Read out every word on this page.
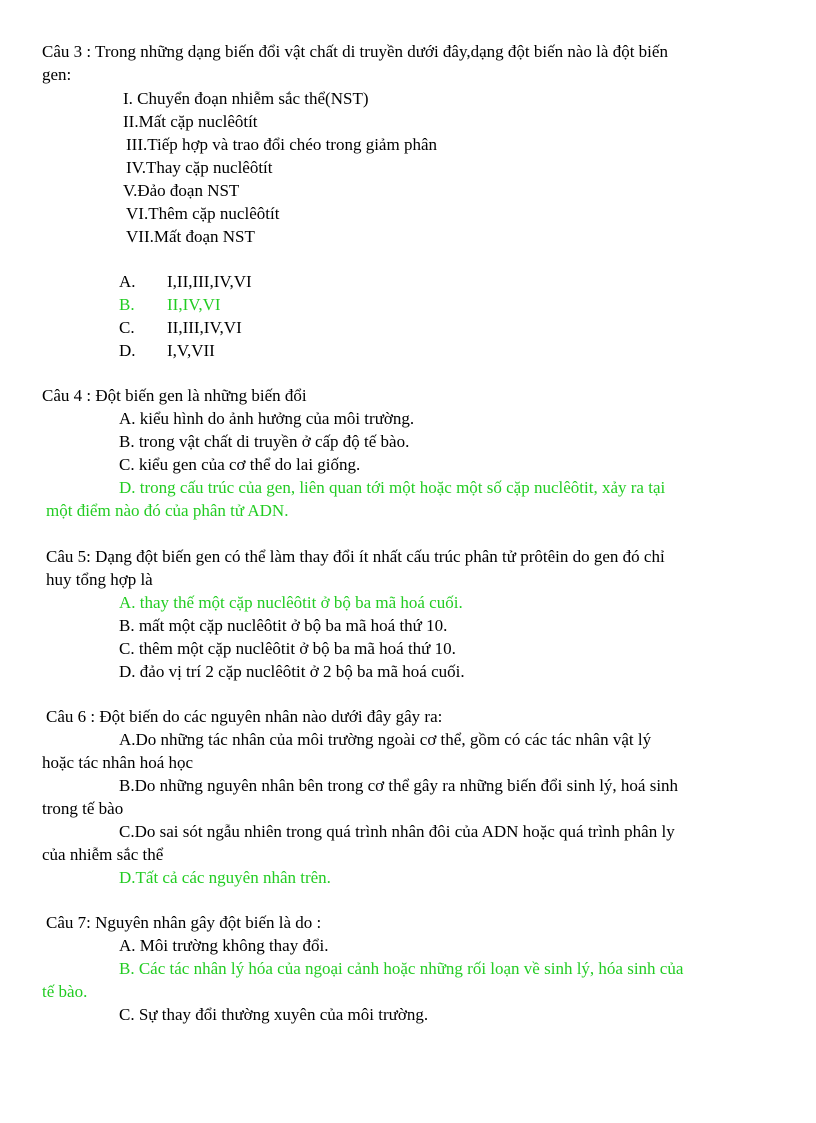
Câu 3 : Trong những dạng biến đổi vật chất di truyền dưới đây,dạng đột biến nào là đột biến
gen:
I. Chuyển đoạn nhiễm sắc thể(NST)
II.Mất cặp nuclêôtít
III.Tiếp hợp và trao đổi chéo trong giảm phân
IV.Thay cặp nuclêôtít
V.Đảo đoạn NST
VI.Thêm cặp nuclêôtít
VII.Mất đoạn NST
A. I,II,III,IV,VI
B. II,IV,VI
C. II,III,IV,VI
D. I,V,VII
Câu 4 : Đột biến gen là những biến đổi
A. kiểu hình do ảnh hưởng của môi trường.
B. trong vật chất di truyền ở cấp độ tế bào.
C. kiểu gen của cơ thể do lai giống.
D. trong cấu trúc của gen, liên quan tới một hoặc một số cặp nuclêôtit, xảy ra tại
một điểm nào đó của phân tử ADN.
Câu 5: Dạng đột biến gen có thể làm thay đổi ít nhất cấu trúc phân tử prôtêin do gen đó chỉ
huy tổng hợp là
A. thay thế một cặp nuclêôtit ở bộ ba mã hoá cuối.
B. mất một cặp nuclêôtit ở bộ ba mã hoá thứ 10.
C. thêm một cặp nuclêôtit ở bộ ba mã hoá thứ 10.
D. đảo vị trí 2 cặp nuclêôtit ở 2 bộ ba mã hoá cuối.
Câu 6 : Đột biến do các nguyên nhân nào dưới đây gây ra:
A.Do những tác nhân của môi trường ngoài cơ thể, gồm có các tác nhân vật lý
hoặc tác nhân hoá học
B.Do những nguyên nhân bên trong cơ thể gây ra những biến đổi sinh lý, hoá sinh
trong tế bào
C.Do sai sót ngẫu nhiên trong quá trình nhân đôi của ADN hoặc quá trình phân ly
của nhiễm sắc thể
D.Tất cả các nguyên nhân trên.
Câu 7: Nguyên nhân gây đột biến là do :
A. Môi trường không thay đổi.
B. Các tác nhân lý hóa của ngoại cảnh hoặc những rối loạn về sinh lý, hóa sinh của
tế bào.
C. Sự thay đổi thường xuyên của môi trường.
